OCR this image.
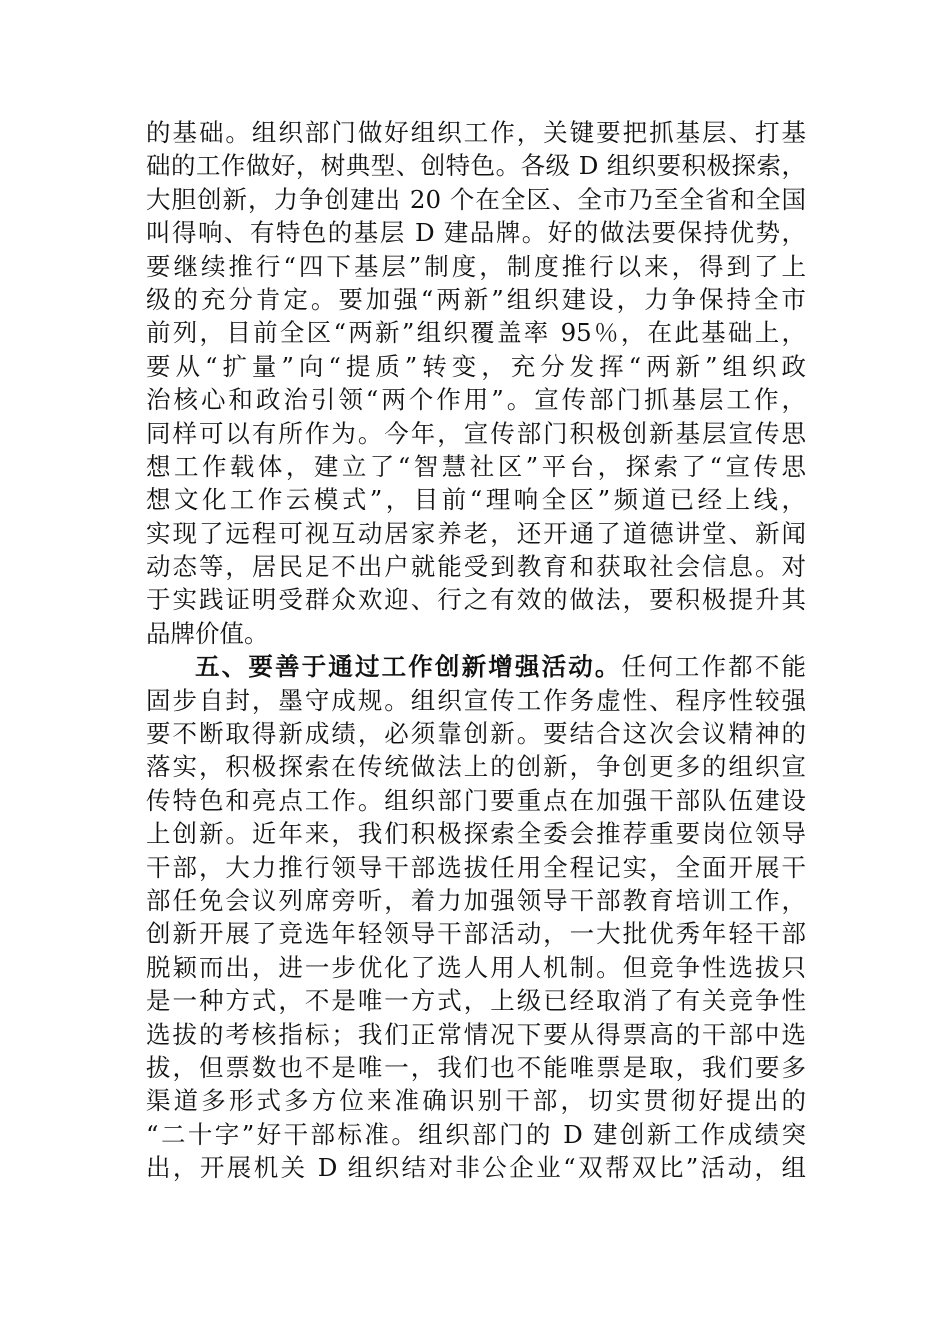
的基础。组织部门做好组织工作，关键要把抓基层、打基
础的工作做好，树典型、创特色。各级 D 组织要积极探索，
大胆创新，力争创建出 20 个在全区、全市乃至全省和全国
叫得响、有特色的基层 D 建品牌。好的做法要保持优势，
要继续推行“四下基层”制度，制度推行以来，得到了上
级的充分肯定。要加强“两新”组织建设，力争保持全市
前列，目前全区“两新”组织覆盖率 95％，在此基础上，
要从“扩量”向“提质”转变，充分发挥“两新”组织政
治核心和政治引领“两个作用”。宣传部门抓基层工作，
同样可以有所作为。今年，宣传部门积极创新基层宣传思
想工作载体，建立了“智慧社区”平台，探索了“宣传思
想文化工作云模式”，目前“理响全区”频道已经上线，
实现了远程可视互动居家养老，还开通了道德讲堂、新闻
动态等，居民足不出户就能受到教育和获取社会信息。对
于实践证明受群众欢迎、行之有效的做法，要积极提升其
品牌价值。
五、要善于通过工作创新增强活动。任何工作都不能
固步自封，墨守成规。组织宣传工作务虚性、程序性较强
要不断取得新成绩，必须靠创新。要结合这次会议精神的
落实，积极探索在传统做法上的创新，争创更多的组织宣
传特色和亮点工作。组织部门要重点在加强干部队伍建设
上创新。近年来，我们积极探索全委会推荐重要岗位领导
干部，大力推行领导干部选拔任用全程记实，全面开展干
部任免会议列席旁听，着力加强领导干部教育培训工作，
创新开展了竞选年轻领导干部活动，一大批优秀年轻干部
脱颖而出，进一步优化了选人用人机制。但竞争性选拔只
是一种方式，不是唯一方式，上级已经取消了有关竞争性
选拔的考核指标；我们正常情况下要从得票高的干部中选
拔，但票数也不是唯一，我们也不能唯票是取，我们要多
渠道多形式多方位来准确识别干部，切实贯彻好提出的
“二十字”好干部标准。组织部门的 D 建创新工作成绩突
出，开展机关 D 组织结对非公企业“双帮双比”活动，组
